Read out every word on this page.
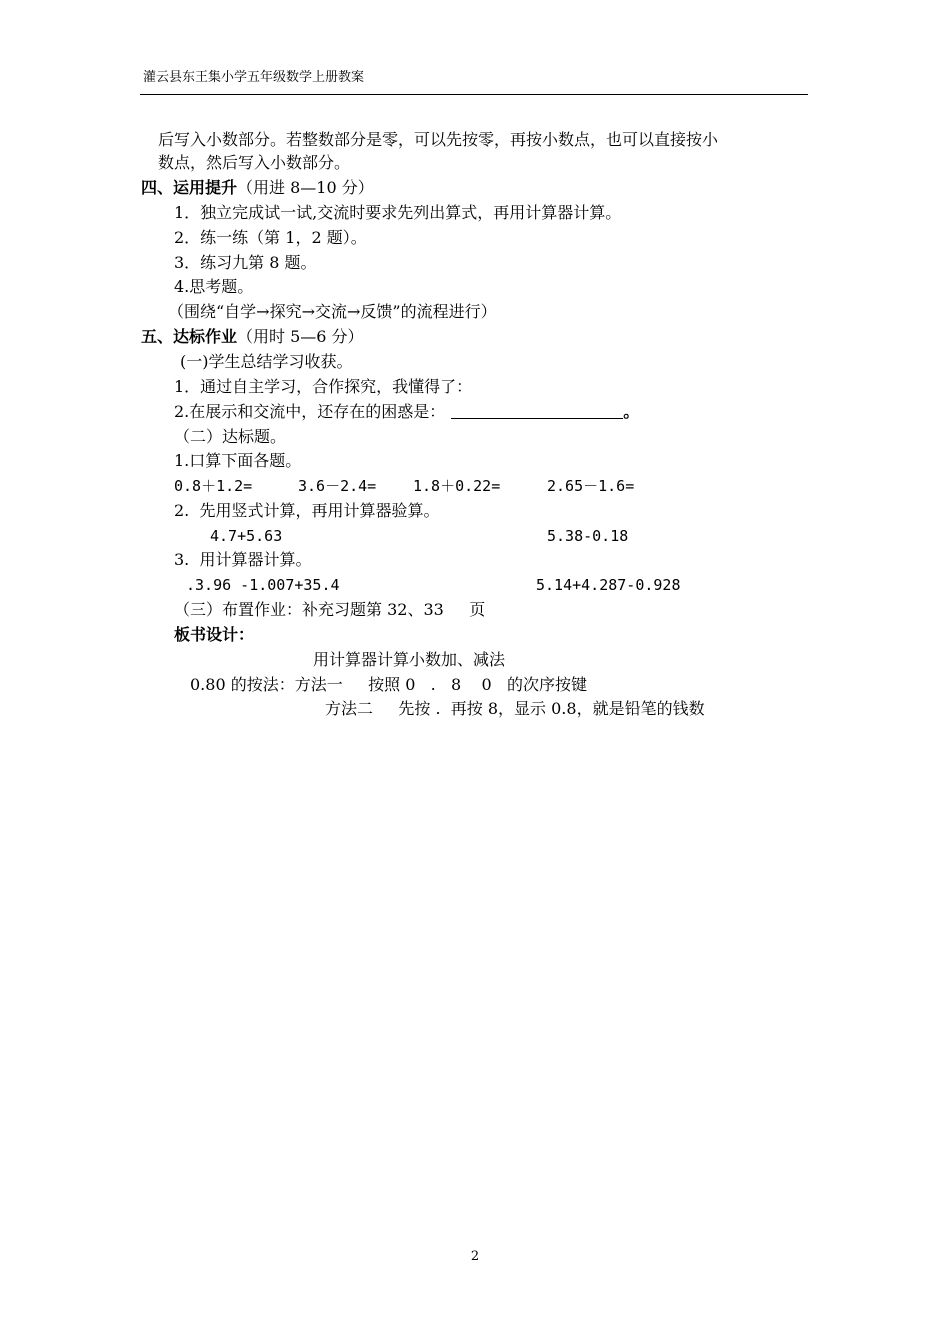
灌云县东王集小学五年级数学上册教案
后写入小数部分。若整数部分是零，可以先按零，再按小数点，也可以直接按小
数点，然后写入小数部分。
四、运用提升（用进 8—10 分）
1．独立完成试一试,交流时要求先列出算式，再用计算器计算。
2．练一练（第 1，2 题）。
3．练习九第 8 题。
4.思考题。
（围绕“自学→探究→交流→反馈”的流程进行）
五、达标作业（用时 5—6 分）
(一)学生总结学习收获。
1．通过自主学习，合作探究，我懂得了：
2.在展示和交流中，还存在的困惑是：	。
（二）达标题。
1.口算下面各题。
0.8＋1.2=	3.6－2.4= 1.8＋0.22=	2.65－1.6=
2.  先用竖式计算，再用计算器验算。
4.7+5.63	5.38-0.18
3.  用计算器计算。
.3.96 -1.007+35.4	5.14+4.287-0.928
（三）布置作业：补充习题第 32、33     页
板书设计：
用计算器计算小数加、减法
0.80 的按法：方法一     按照 0   .   8    0   的次序按键
方法二     先按 .  再按 8，显示 0.8，就是铅笔的钱数
2
